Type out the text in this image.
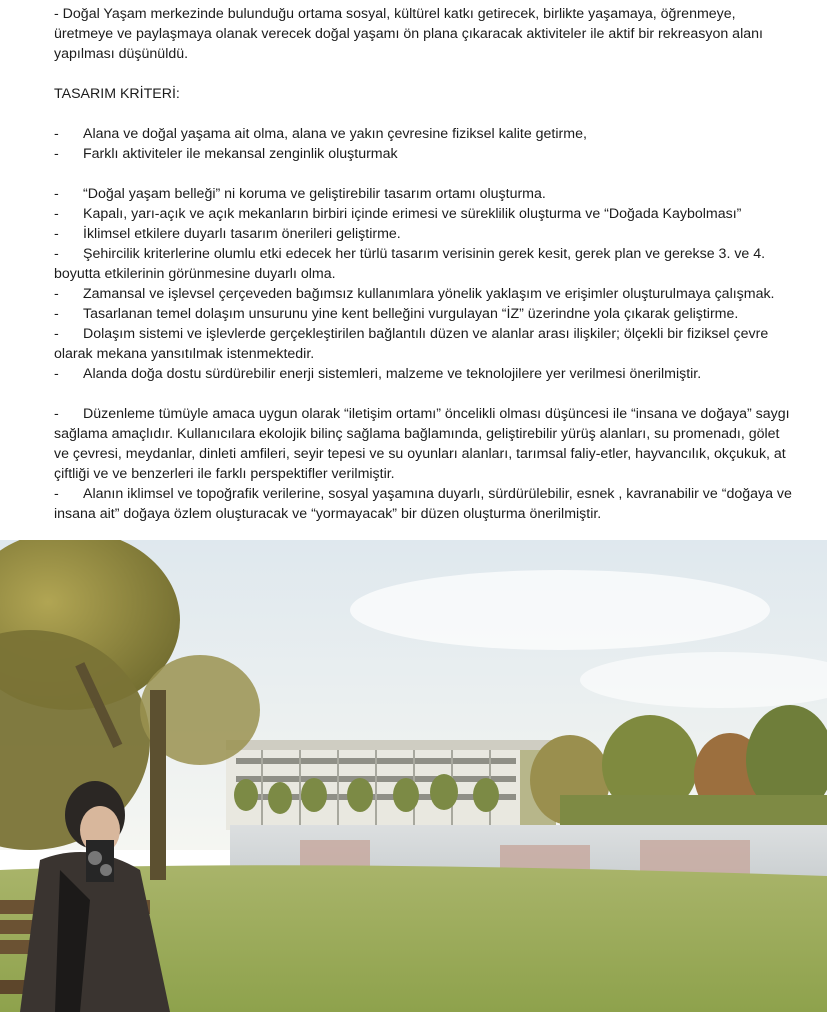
- Doğal Yaşam merkezinde bulunduğu ortama sosyal, kültürel katkı getirecek, birlikte yaşamaya, öğrenmeye, üretmeye ve paylaşmaya olanak verecek doğal yaşamı ön plana çıkaracak aktiviteler ile aktif bir rekreasyon alanı yapılması düşünüldü.

TASARIM KRİTERİ:

- Alana ve doğal yaşama ait olma, alana ve yakın çevresine fiziksel kalite getirme,

- Farklı aktiviteler ile mekansal zenginlik oluşturmak

- “Doğal yaşam belleği” ni koruma ve geliştirebilir tasarım ortamı oluşturma.

- Kapalı, yarı-açık ve açık mekanların birbiri içinde erimesi ve süreklilik oluşturma ve “Doğada Kaybolması”

- İklimsel etkilere duyarlı tasarım önerileri geliştirme.

- Şehircilik kriterlerine olumlu etki edecek her türlü tasarım verisinin gerek kesit, gerek plan ve gerekse 3. ve 4. boyutta etkilerinin görünmesine duyarlı olma.

- Zamansal ve işlevsel çerçeveden bağımsız kullanımlara yönelik yaklaşım ve erişimler oluşturulmaya çalışmak.

- Tasarlanan temel dolaşım unsurunu yine kent belleğini vurgulayan “İZ” üzerindne yola çıkarak geliştirme.

- Dolaşım sistemi ve işlevlerde gerçekleştirilen bağlantılı düzen ve alanlar arası ilişkiler; ölçekli bir fiziksel çevre olarak mekana yansıtılmak istenmektedir.

- Alanda doğa dostu sürdürebilir enerji sistemleri, malzeme ve teknolojilere yer verilmesi önerilmiştir.

- Düzenleme tümüyle amaca uygun olarak “iletişim ortamı” öncelikli olması düşüncesi ile “insana ve doğaya” saygı sağlama amaçlıdır. Kullanıcılara ekolojik bilinç sağlama bağlamında, geliştirebilir yürüş alanları, su promenadı, gölet ve çevresi, meydanlar, dinleti amfileri, seyir tepesi ve su oyunları alanları, tarımsal faliy-etler, hayvancılık, okçukuk, at çiftliği ve ve benzerleri ile farklı perspektifler verilmiştir.

- Alanın iklimsel ve topoğrafik verilerine, sosyal yaşamına duyarlı, sürdürülebilir, esnek , kavranabilir ve “doğaya ve insana ait” doğaya özlem oluşturacak ve “yormayacak” bir düzen oluşturma önerilmiştir.
